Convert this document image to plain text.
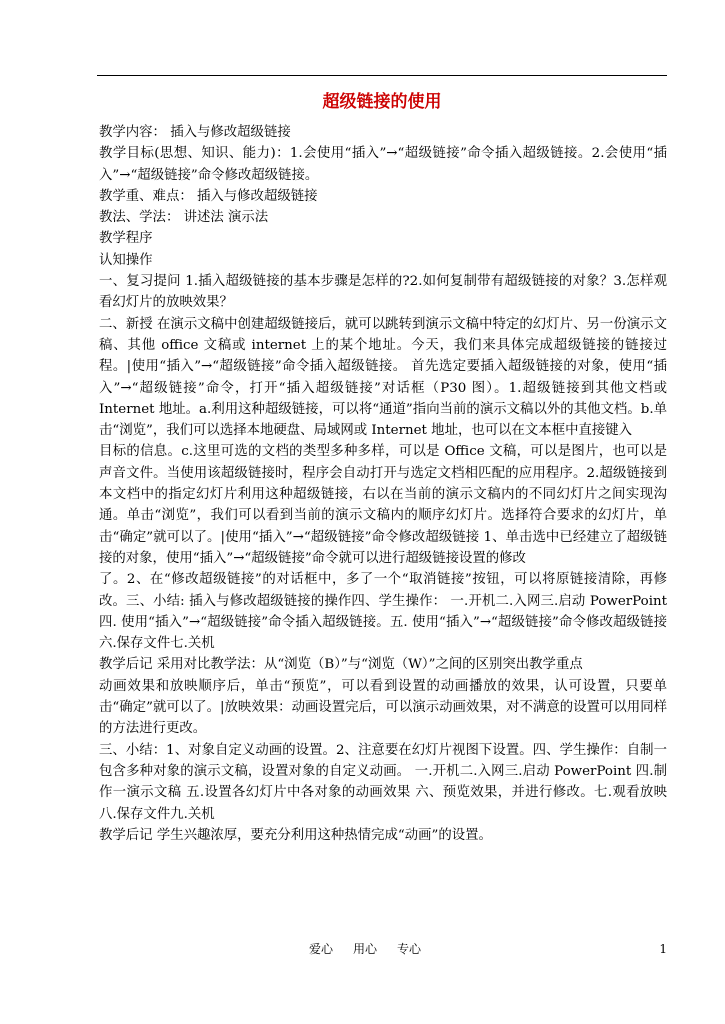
超级链接的使用

教学内容： 插入与修改超级链接

教学目标(思想、知识、能力)：1.会使用“插入”→“超级链接”命令插入超级链接。2.会使用“插入”→“超级链接”命令修改超级链接。

教学重、难点： 插入与修改超级链接

教法、学法： 讲述法 演示法

教学程序

认知操作

一、复习提问 1.插入超级链接的基本步骤是怎样的?2.如何复制带有超级链接的对象？3.怎样观看幻灯片的放映效果？

二、新授 在演示文稿中创建超级链接后，就可以跳转到演示文稿中特定的幻灯片、另一份演示文稿、其他 office 文稿或 internet 上的某个地址。今天，我们来具体完成超级链接的链接过程。|使用“插入”→“超级链接”命令插入超级链接。 首先选定要插入超级链接的对象，使用“插入”→“超级链接”命令，打开“插入超级链接”对话框（P30 图）。1.超级链接到其他文档或 Internet 地址。a.利用这种超级链接，可以将“通道”指向当前的演示文稿以外的其他文档。b.单击“浏览”，我们可以选择本地硬盘、局域网或 Internet 地址，也可以在文本框中直接键入

目标的信息。c.这里可选的文档的类型多种多样，可以是 Office 文稿，可以是图片，也可以是声音文件。当使用该超级链接时，程序会自动打开与选定文档相匹配的应用程序。2.超级链接到本文档中的指定幻灯片利用这种超级链接，右以在当前的演示文稿内的不同幻灯片之间实现沟通。单击“浏览”，我们可以看到当前的演示文稿内的顺序幻灯片。选择符合要求的幻灯片，单击“确定”就可以了。|使用“插入”→“超级链接”命令修改超级链接 1、单击选中已经建立了超级链接的对象，使用“插入”→“超级链接”命令就可以进行超级链接设置的修改

了。2、在“修改超级链接”的对话框中，多了一个“取消链接”按钮，可以将原链接清除，再修改。三、小结: 插入与修改超级链接的操作四、学生操作： 一.开机二.入网三.启动 PowerPoint 四. 使用“插入”→“超级链接”命令插入超级链接。五. 使用“插入”→“超级链接”命令修改超级链接六.保存文件七.关机

教学后记 采用对比教学法：从“浏览（B）”与“浏览（W）”之间的区别突出教学重点

动画效果和放映顺序后，单击“预览”，可以看到设置的动画播放的效果，认可设置，只要单击“确定”就可以了。|放映效果：动画设置完后，可以演示动画效果，对不满意的设置可以用同样的方法进行更改。

三、小结：1、对象自定义动画的设置。2、注意要在幻灯片视图下设置。四、学生操作：自制一包含多种对象的演示文稿，设置对象的自定义动画。 一.开机二.入网三.启动 PowerPoint 四.制作一演示文稿 五.设置各幻灯片中各对象的动画效果 六、预览效果，并进行修改。七.观看放映八.保存文件九.关机

教学后记 学生兴趣浓厚，要充分利用这种热情完成“动画”的设置。

爱心 用心 专心	1
